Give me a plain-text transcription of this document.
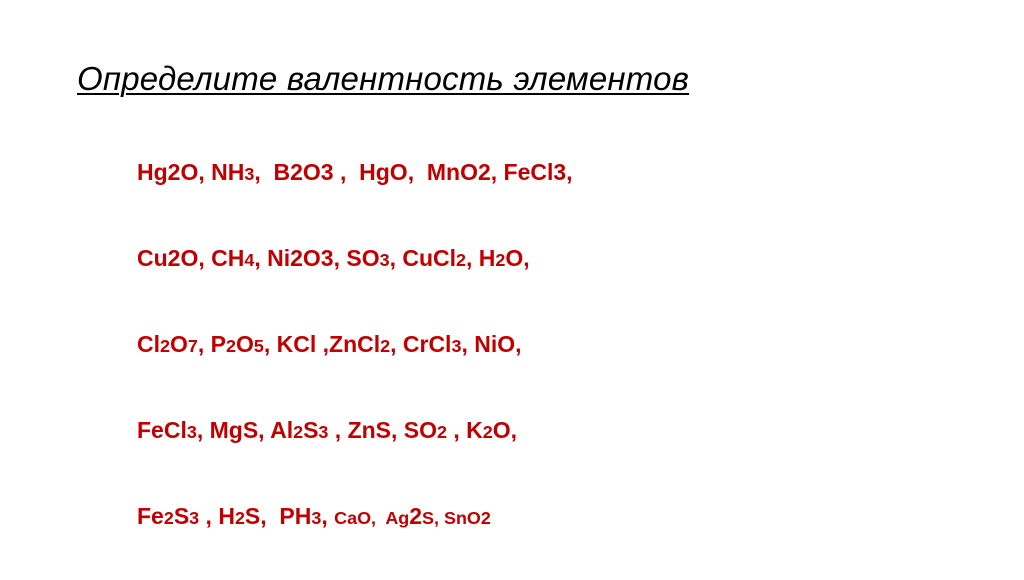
Определите валентность элементов
Hg2O, NH3,  B2O3 ,  HgO,  MnO2, FeCl3,
Cu2O, CH4, Ni2O3, SO3, CuCl2, H2O,
Cl2O7, P2O5, KCl ,ZnCl2, CrCl3, NiO,
FeCl3, MgS, Al2S3 , ZnS, SO2 , K2O,
Fe2S3 , H2S,  PH3, CaO,  Ag2S, SnO2
